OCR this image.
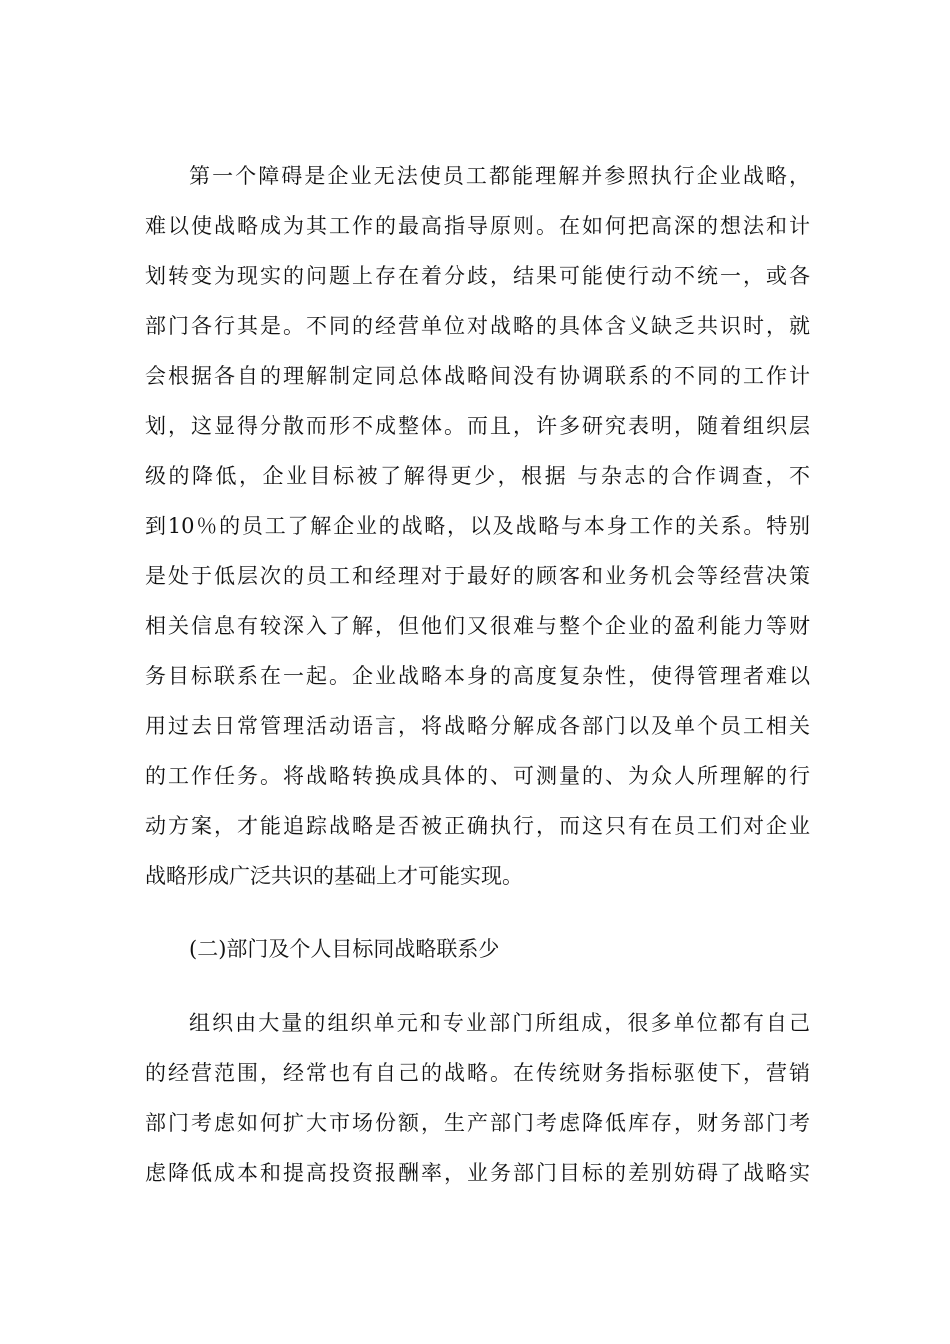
第一个障碍是企业无法使员工都能理解并参照执行企业战略，
难以使战略成为其工作的最高指导原则。在如何把高深的想法和计
划转变为现实的问题上存在着分歧，结果可能使行动不统一，或各
部门各行其是。不同的经营单位对战略的具体含义缺乏共识时，就
会根据各自的理解制定同总体战略间没有协调联系的不同的工作计
划，这显得分散而形不成整体。而且，许多研究表明，随着组织层
级的降低，企业目标被了解得更少，根据 与杂志的合作调查，不
到10％的员工了解企业的战略，以及战略与本身工作的关系。特别
是处于低层次的员工和经理对于最好的顾客和业务机会等经营决策
相关信息有较深入了解，但他们又很难与整个企业的盈利能力等财
务目标联系在一起。企业战略本身的高度复杂性，使得管理者难以
用过去日常管理活动语言，将战略分解成各部门以及单个员工相关
的工作任务。将战略转换成具体的、可测量的、为众人所理解的行
动方案，才能追踪战略是否被正确执行，而这只有在员工们对企业
战略形成广泛共识的基础上才可能实现。
(二)部门及个人目标同战略联系少
组织由大量的组织单元和专业部门所组成，很多单位都有自己
的经营范围，经常也有自己的战略。在传统财务指标驱使下，营销
部门考虑如何扩大市场份额，生产部门考虑降低库存，财务部门考
虑降低成本和提高投资报酬率，业务部门目标的差别妨碍了战略实
